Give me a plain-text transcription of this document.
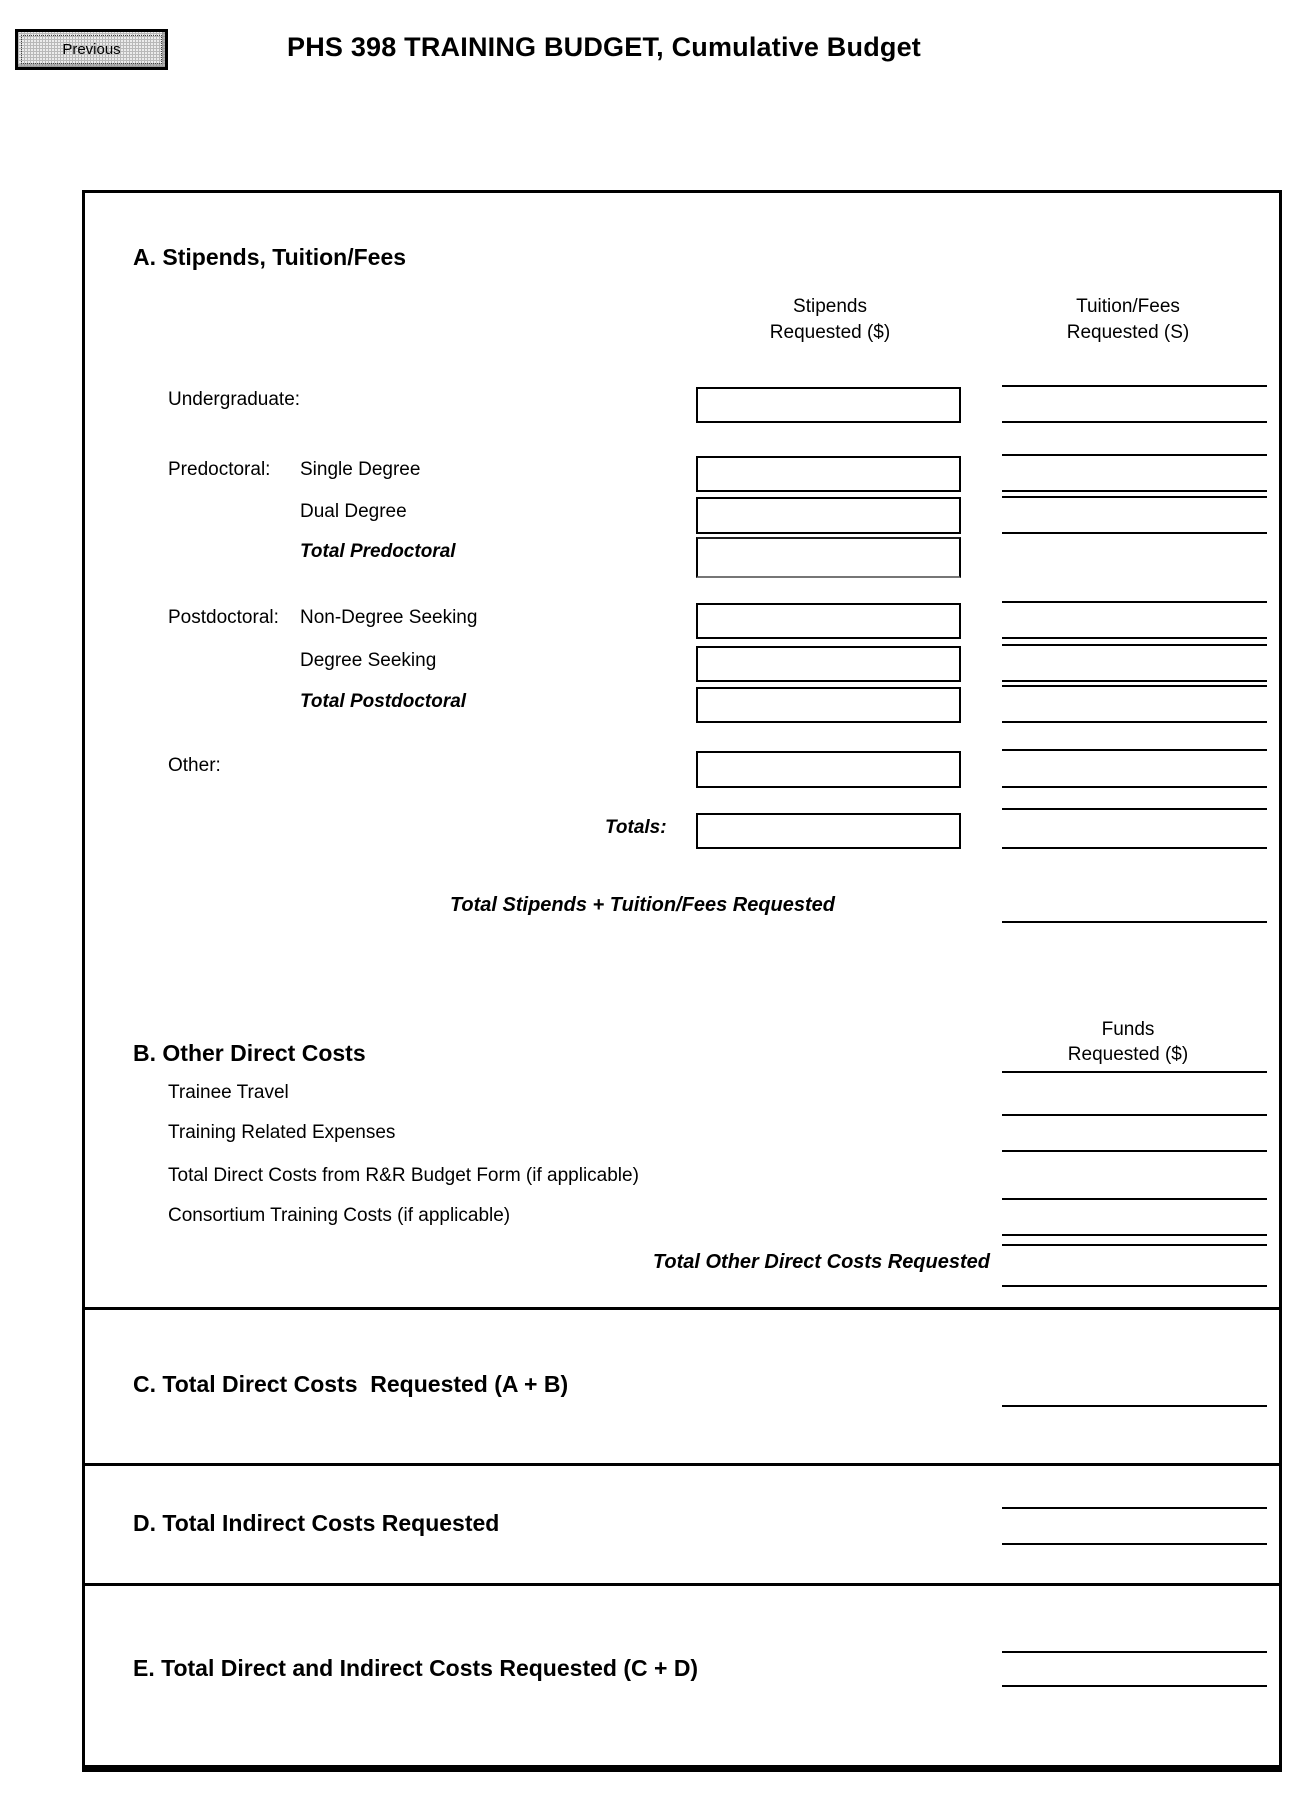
Previous	PHS 398 TRAINING BUDGET, Cumulative Budget
A. Stipends, Tuition/Fees
Stipends
Requested ($)
Tuition/Fees
Requested (S)
Undergraduate:
Predoctoral: Single Degree
Dual Degree
Total Predoctoral
Postdoctoral: Non-Degree Seeking
Degree Seeking
Total Postdoctoral
Other:
Totals:
Total Stipends + Tuition/Fees Requested
B. Other Direct Costs
Funds
Requested ($)
Trainee Travel
Training Related Expenses
Total Direct Costs from R&R Budget Form (if applicable)
Consortium Training Costs (if applicable)
Total Other Direct Costs Requested
C. Total Direct Costs  Requested (A + B)
D. Total Indirect Costs Requested
E. Total Direct and Indirect Costs Requested (C + D)
